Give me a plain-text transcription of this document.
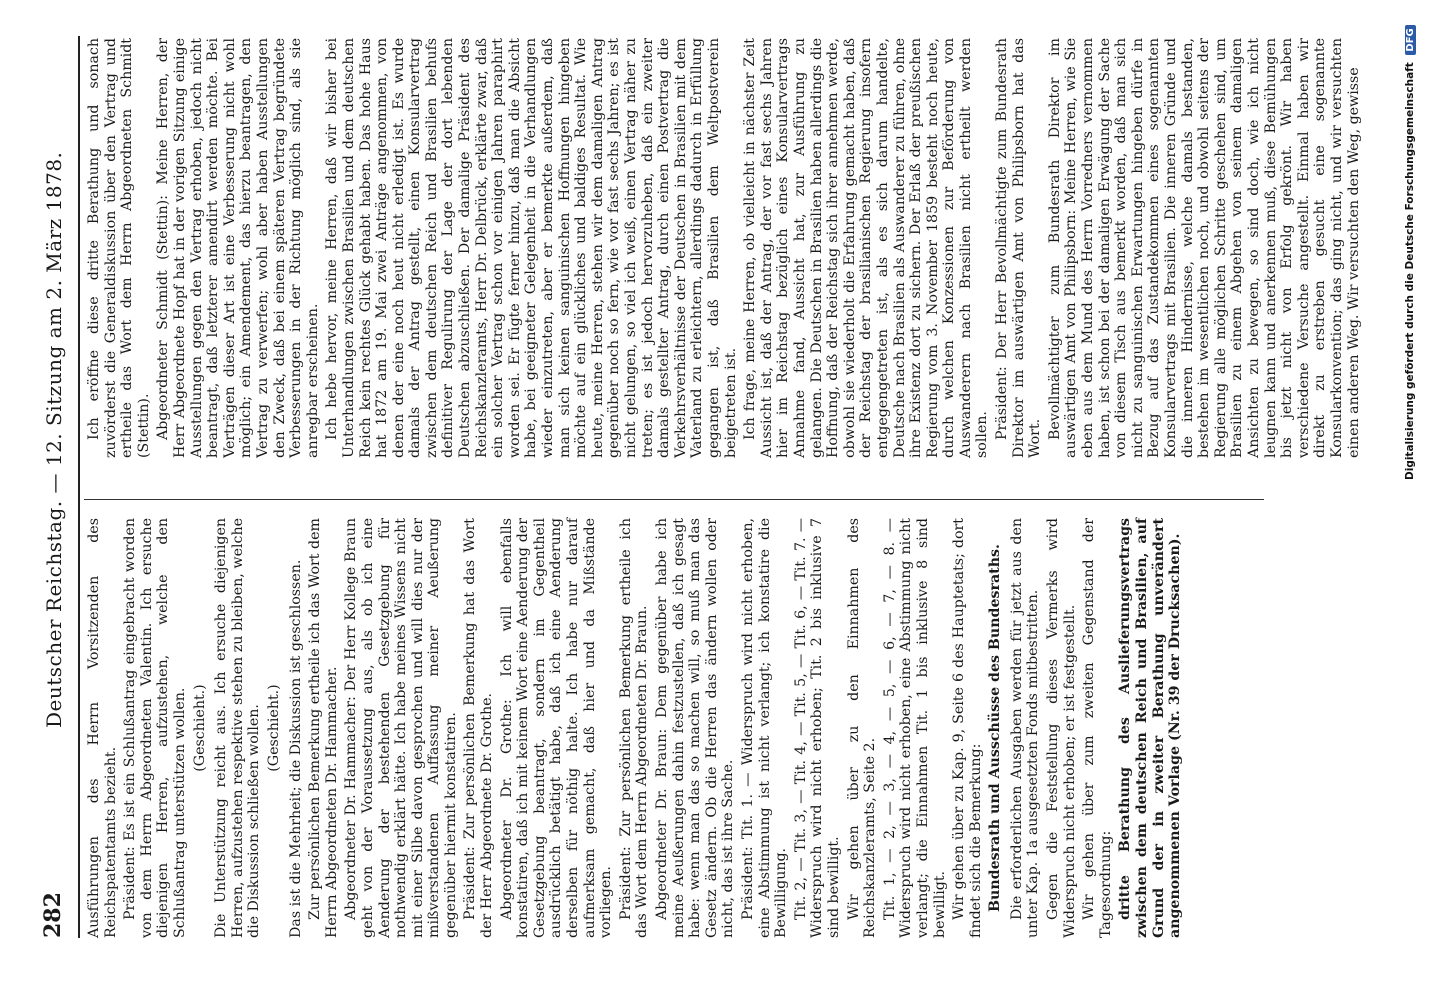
282
Deutscher Reichstag. — 12. Sitzung am 2. März 1878. Ausführungen des Herrn Vorsitzenden des Reichspatentamts bezieht. Präsident: Es ist ein Schlußantrag eingebracht worden von dem Herrn Abgeordneten Valentin. Ich ersuche diejenigen Herren, aufzustehen, welche den Schlußantrag unterstützen wollen. (Geschieht.) Die Unterstützung reicht aus. Ich ersuche diejenigen Herren, aufzustehen respektive stehen zu bleiben, welche die Diskussion schließen wollen. (Geschieht.) Das ist die Mehrheit; die Diskussion ist geschlossen. Zur persönlichen Bemerkung ertheile ich das Wort dem Herrn Abgeordneten Dr. Hammacher. Abgeordneter Dr. Hammacher: Der Herr Kollege Braun geht von der Voraussetzung aus, als ob ich eine Aenderung der bestehenden Gesetzgebung für nothwendig erklärt hätte. Ich habe meines Wissens nicht mit einer Silbe davon gesprochen und will dies nur der mißverstandenen Auffassung meiner Aeußerung gegenüber hiermit konstatiren. Präsident: Zur persönlichen Bemerkung hat das Wort der Herr Abgeordnete Dr. Grothe. Abgeordneter Dr. Grothe: Ich will ebenfalls konstatiren, daß ich mit keinem Wort eine Aenderung der Gesetzgebung beantragt, sondern im Gegentheil ausdrücklich betätigt habe, daß ich eine Aenderung derselben für nöthig halte. Ich habe nur darauf aufmerksam gemacht, daß hier und da Mißstände vorliegen. Präsident: Zur persönlichen Bemerkung ertheile ich das Wort dem Herrn Abgeordneten Dr. Braun. Abgeordneter Dr. Braun: Dem gegenüber habe ich meine Aeußerungen dahin festzustellen, daß ich gesagt habe: wenn man das so machen will, so muß man das Gesetz ändern. Ob die Herren das ändern wollen oder nicht, das ist ihre Sache. Präsident: Tit. 1. — Widerspruch wird nicht erhoben, eine Abstimmung ist nicht verlangt; ich konstatire die Bewilligung. Tit. 2, — Tit. 3, — Tit. 4, — Tit. 5, — Tit. 6, — Tit. 7. — Widerspruch wird nicht erhoben; Tit. 2 bis inklusive 7 sind bewilligt. Wir gehen über zu den Einnahmen des Reichskanzleramts, Seite 2. Tit. 1, — 2, — 3, — 4, — 5, — 6, — 7, — 8. — Widerspruch wird nicht erhoben, eine Abstimmung nicht verlangt; die Einnahmen Tit. 1 bis inklusive 8 sind bewilligt. Wir gehen über zu Kap. 9, Seite 6 des Hauptetats; dort findet sich die Bemerkung: Bundesrath und Ausschüsse des Bundesraths. Die erforderlichen Ausgaben werden für jetzt aus den unter Kap. 1a ausgesetzten Fonds mitbestritten. Gegen die Feststellung dieses Vermerks wird Widerspruch nicht erhoben; er ist festgestellt. Wir gehen über zum zweiten Gegenstand der Tagesordnung: dritte Berathung des Auslieferungsvertrags zwischen dem deutschen Reich und Brasilien, auf Grund der in zweiter Berathung unverändert angenommenen Vorlage (Nr. 39 der Drucksachen).

Ich eröffne diese dritte Berathung und sonach zuvörderst die Generaldiskussion über den Vertrag und ertheile das Wort dem Herrn Abgeordneten Schmidt (Stettin). Abgeordneter Schmidt (Stettin): Meine Herren, der Herr Abgeordnete Hopf hat in der vorigen Sitzung einige Ausstellungen gegen den Vertrag erhoben, jedoch nicht beantragt, daß letzterer amendirt werden möchte. Bei Verträgen dieser Art ist eine Verbesserung nicht wohl möglich; ein Amendement, das hierzu beantragen, den Vertrag zu verwerfen; wohl aber haben Ausstellungen den Zweck, daß bei einem späteren Vertrag begründete Verbesserungen in der Richtung möglich sind, als sie anregbar erscheinen. Ich hebe hervor, meine Herren, daß wir bisher bei Unterhandlungen zwischen Brasilien und dem deutschen Reich kein rechtes Glück gehabt haben. Das hohe Haus hat 1872 am 19. Mai zwei Anträge angenommen, von denen der eine noch heut nicht erledigt ist. Es wurde damals der Antrag gestellt, einen Konsularvertrag zwischen dem deutschen Reich und Brasilien behufs definitiver Regulirung der Lage der dort lebenden Deutschen abzuschließen. Der damalige Präsident des Reichskanzleramts, Herr Dr. Delbrück, erklärte zwar, daß ein solcher Vertrag schon vor einigen Jahren paraphirt worden sei. Er fügte ferner hinzu, daß man die Absicht habe, bei geeigneter Gelegenheit in die Verhandlungen wieder einzutreten, aber er bemerkte außerdem, daß man sich keinen sanguinischen Hoffnungen hingeben möchte auf ein glückliches und baldiges Resultat. Wie heute, meine Herren, stehen wir dem damaligen Antrag gegenüber noch so fern, wie vor fast sechs Jahren; es ist nicht gelungen, so viel ich weiß, einen Vertrag näher zu treten; es ist jedoch hervorzuheben, daß ein zweiter damals gestellter Antrag, durch einen Postvertrag die Verkehrsverhältnisse der Deutschen in Brasilien mit dem Vaterland zu erleichtern, allerdings dadurch in Erfüllung gegangen ist, daß Brasilien dem Weltpostverein beigetreten ist. Ich frage, meine Herren, ob vielleicht in nächster Zeit Aussicht ist, daß der Antrag, der vor fast sechs Jahren hier im Reichstag bezüglich eines Konsularvertrags Annahme fand, Aussicht hat, zur Ausführung zu gelangen. Die Deutschen in Brasilien haben allerdings die Hoffnung, daß der Reichstag sich ihrer annehmen werde, obwohl sie wiederholt die Erfahrung gemacht haben, daß der Reichstag der brasilianischen Regierung insofern entgegengetreten ist, als es sich darum handelte, Deutsche nach Brasilien als Auswanderer zu führen, ohne ihre Existenz dort zu sichern. Der Erlaß der preußischen Regierung vom 3. November 1859 besteht noch heute, durch welchen Konzessionen zur Beförderung von Auswanderern nach Brasilien nicht ertheilt werden sollen. Präsident: Der Herr Bevollmächtigte zum Bundesrath Direktor im auswärtigen Amt von Philipsborn hat das Wort. Bevollmächtigter zum Bundesrath Direktor im auswärtigen Amt von Philipsborn: Meine Herren, wie Sie eben aus dem Mund des Herrn Vorredners vernommen haben, ist schon bei der damaligen Erwägung der Sache von diesem Tisch aus bemerkt worden, daß man sich nicht zu sanguinischen Erwartungen hingeben dürfe in Bezug auf das Zustandekommen eines sogenannten Konsularvertrags mit Brasilien. Die inneren Gründe und die inneren Hindernisse, welche damals bestanden, bestehen im wesentlichen noch, und obwohl seitens der Regierung alle möglichen Schritte geschehen sind, um Brasilien zu einem Abgehen von seinem damaligen Ansichten zu bewegen, so sind doch, wie ich nicht leugnen kann und anerkennen muß, diese Bemühungen bis jetzt nicht von Erfolg gekrönt. Wir haben verschiedene Versuche angestellt. Einmal haben wir direkt zu erstreben gesucht eine sogenannte Konsularkonvention; das ging nicht, und wir versuchten einen anderen Weg. Wir versuchten den Weg, gewisse	Digitalisierung gefördert durch die Deutsche Forschungsgemeinschaft DFG
